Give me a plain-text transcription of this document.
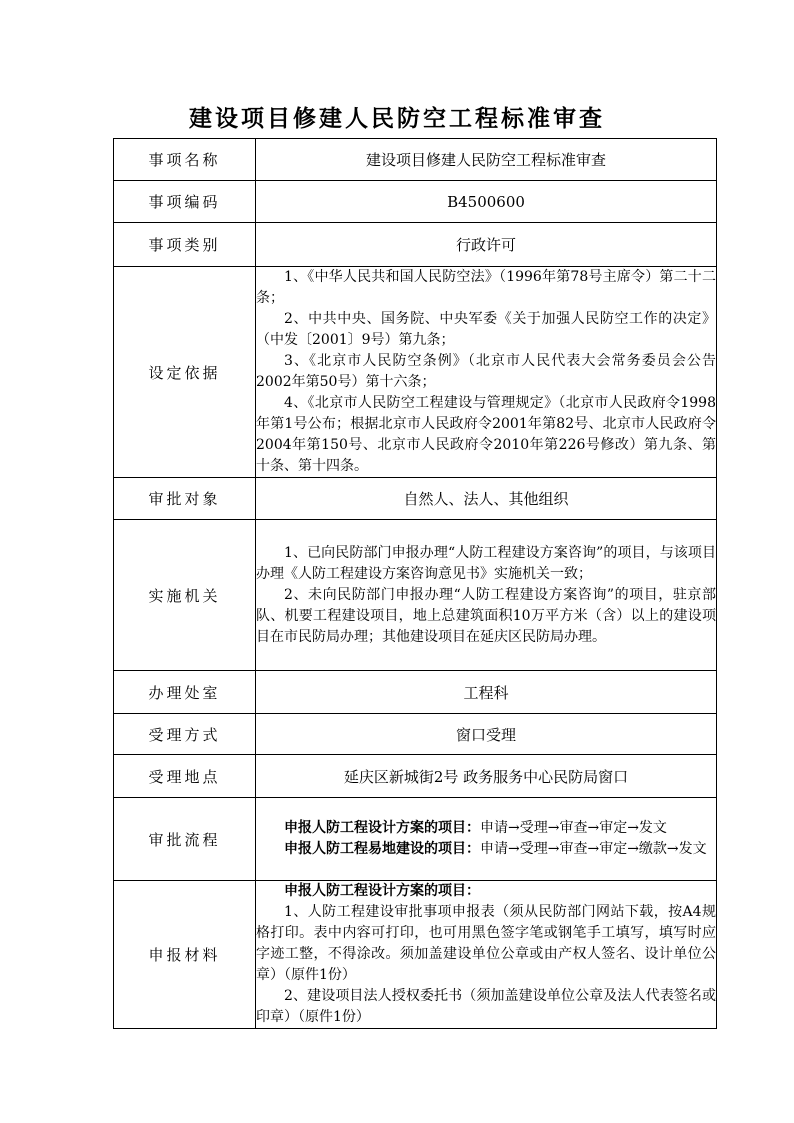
建设项目修建人民防空工程标准审查
事项名称	建设项目修建人民防空工程标准审查
事项编码	B4500600
事项类别	行政许可
设定依据	1、《中华人民共和国人民防空法》（1996年第78号主席令）第二十二条；

2、中共中央、国务院、中央军委《关于加强人民防空工作的决定》（中发〔2001〕9号）第九条；

3、《北京市人民防空条例》（北京市人民代表大会常务委员会公告2002年第50号）第十六条；

4、《北京市人民防空工程建设与管理规定》（北京市人民政府令1998年第1号公布；根据北京市人民政府令2001年第82号、北京市人民政府令2004年第150号、北京市人民政府令2010年第226号修改）第九条、第十条、第十四条。

审批对象	自然人、法人、其他组织
实施机关	1、已向民防部门申报办理“人防工程建设方案咨询”的项目，与该项目办理《人防工程建设方案咨询意见书》实施机关一致；

2、未向民防部门申报办理“人防工程建设方案咨询”的项目，驻京部队、机要工程建设项目，地上总建筑面积10万平方米（含）以上的建设项目在市民防局办理；其他建设项目在延庆区民防局办理。

办理处室	工程科
受理方式	窗口受理
受理地点	延庆区新城街2号 政务服务中心民防局窗口
审批流程	申报人防工程设计方案的项目：申请→受理→审查→审定→发文

申报人防工程易地建设的项目：申请→受理→审查→审定→缴款→发文

申报材料	申报人防工程设计方案的项目：

1、人防工程建设审批事项申报表（须从民防部门网站下载，按A4规格打印。表中内容可打印，也可用黑色签字笔或钢笔手工填写，填写时应字迹工整，不得涂改。须加盖建设单位公章或由产权人签名、设计单位公章）（原件1份）

2、建设项目法人授权委托书（须加盖建设单位公章及法人代表签名或印章）（原件1份）
